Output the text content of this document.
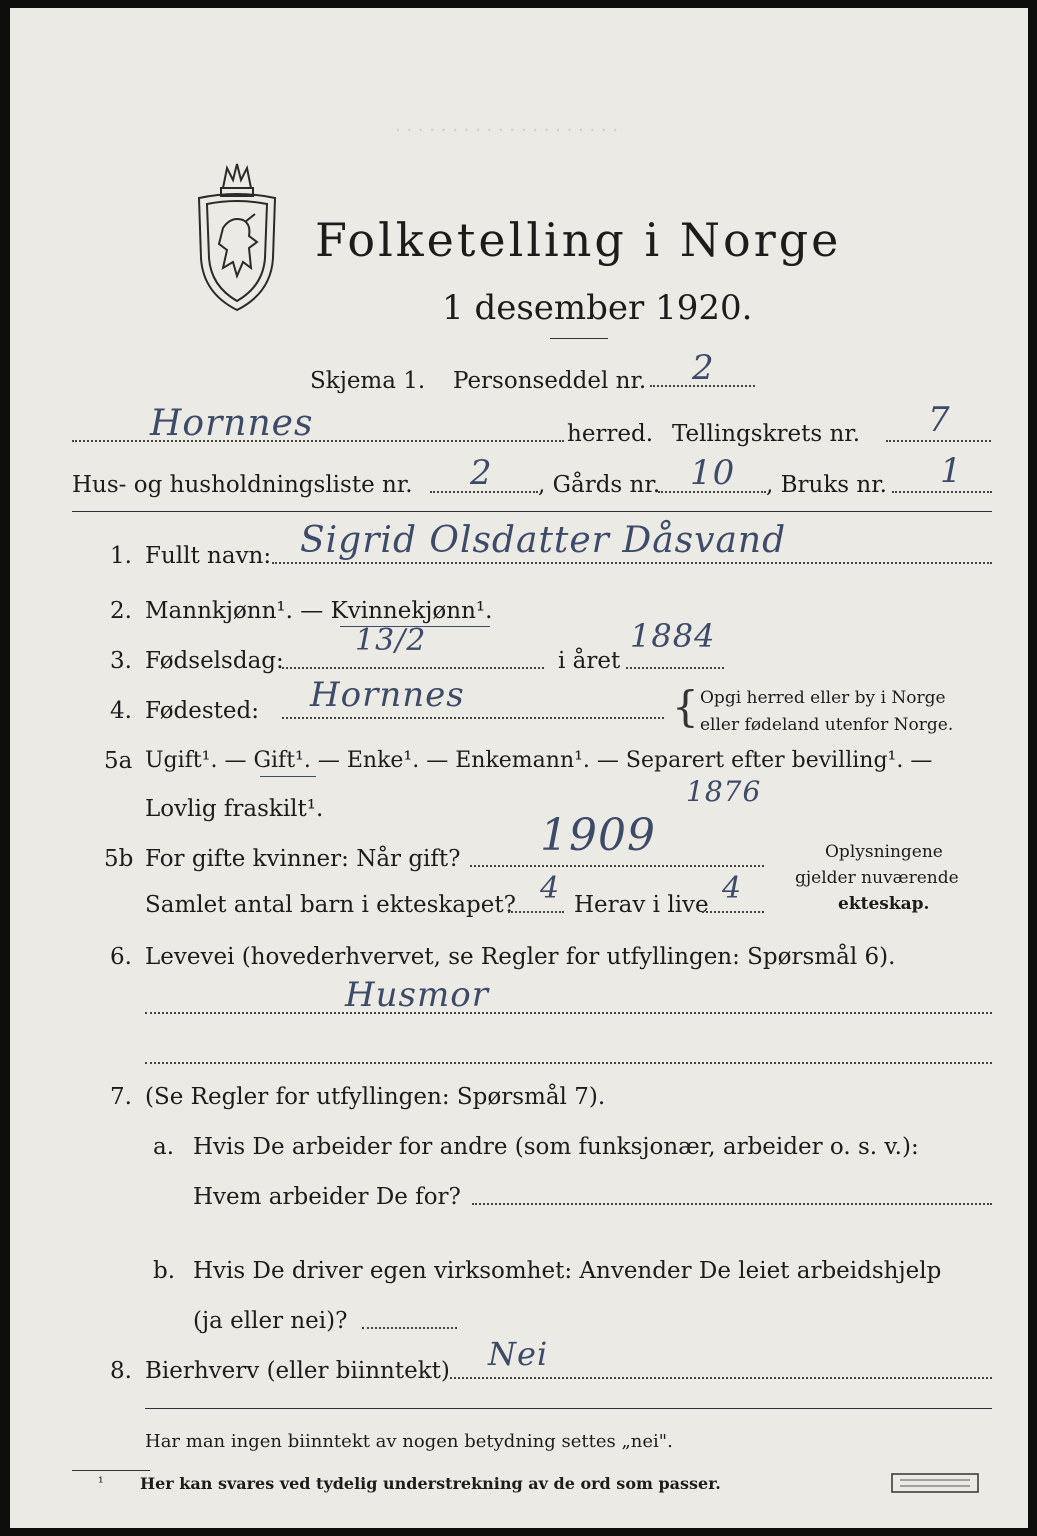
· · · · · · · · · · · · · · · · · · · ·
Folketelling i Norge
1 desember 1920.
Skjema 1. Personseddel nr. 2
Hornnes	herred. Tellingskrets nr. 7
Hus- og husholdningsliste nr. 2 , Gårds nr. 10 , Bruks nr. 1
1. Fullt navn: Sigrid Olsdatter Dåsvand
2. Mannkjønn¹. — Kvinnekjønn¹.
3. Fødselsdag:
13/2
i året
1884
4. Fødested: Hornnes	{ Opgi herred eller by i Norge
eller fødeland utenfor Norge.
5a Ugift¹. — Gift¹. — Enke¹. — Enkemann¹. — Separert efter bevilling¹. —
Lovlig fraskilt¹.
1876
5b For gifte kvinner: Når gift? 1909
Samlet antal barn i ekteskapet? 4 Herav i live 4
Oplysningene
gjelder nuværende
ekteskap.
6. Levevei (hovederhvervet, se Regler for utfyllingen: Spørsmål 6).
Husmor
7. (Se Regler for utfyllingen: Spørsmål 7).
a. Hvis De arbeider for andre (som funksjonær, arbeider o. s. v.):
Hvem arbeider De for?
b. Hvis De driver egen virksomhet: Anvender De leiet arbeidshjelp
(ja eller nei)?
8. Bierhverv (eller biinntekt) Nei
Har man ingen biinntekt av nogen betydning settes „nei".
¹ Her kan svares ved tydelig understrekning av de ord som passer.
